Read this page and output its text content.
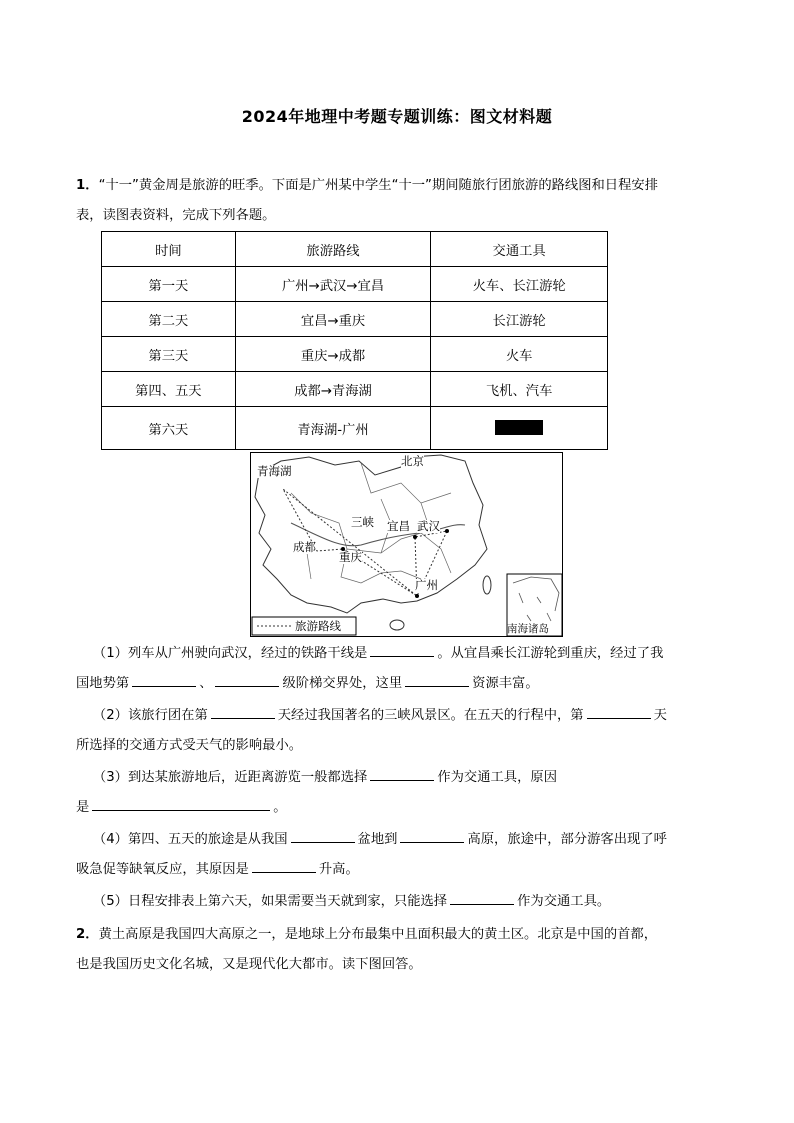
2024年地理中考题专题训练：图文材料题
1．“十一”黄金周是旅游的旺季。下面是广州某中学生“十一”期间随旅行团旅游的路线图和日程安排
表，读图表资料，完成下列各题。
时间	旅游路线	交通工具
第一天	广州→武汉→宜昌	火车、长江游轮
第二天	宜昌→重庆	长江游轮
第三天	重庆→成都	火车
第四、五天	成都→青海湖	飞机、汽车
第六天	青海湖-广州	
青海湖
北京
三峡 宜昌 武汉
成都
重庆
广州
南海诸岛
旅游路线
（1）列车从广州驶向武汉，经过的铁路干线是	。从宜昌乘长江游轮到重庆，经过了我
国地势第	、	级阶梯交界处，这里	资源丰富。
（2）该旅行团在第	天经过我国著名的三峡风景区。在五天的行程中，第	天
所选择的交通方式受天气的影响最小。
（3）到达某旅游地后，近距离游览一般都选择	作为交通工具，原因
是	。
（4）第四、五天的旅途是从我国	盆地到	高原，旅途中，部分游客出现了呼
吸急促等缺氧反应，其原因是	升高。
（5）日程安排表上第六天，如果需要当天就到家，只能选择	作为交通工具。
2．黄土高原是我国四大高原之一，是地球上分布最集中且面积最大的黄土区。北京是中国的首都，
也是我国历史文化名城，又是现代化大都市。读下图回答。
